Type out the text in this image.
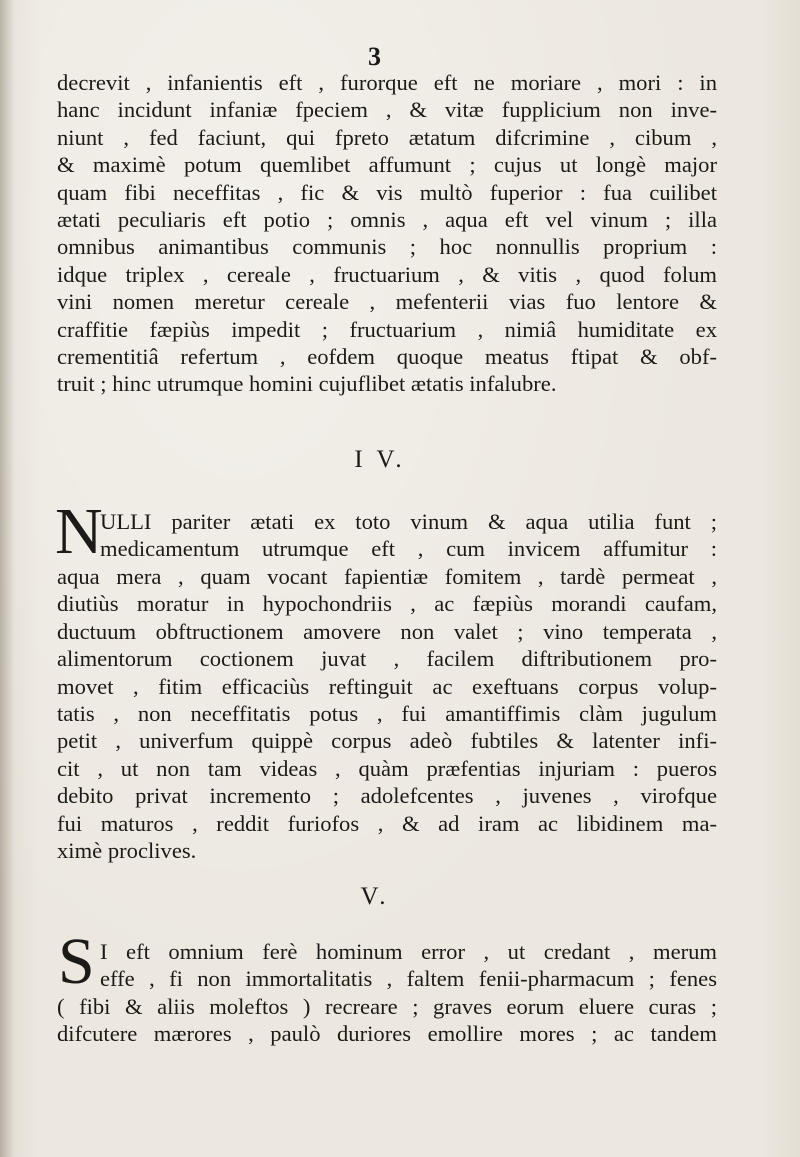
3
decrevit , infanientis eft , furorque eft ne moriare , mori : in
hanc incidunt infaniæ fpeciem , & vitæ fupplicium non inve-
niunt , fed faciunt, qui fpreto ætatum difcrimine , cibum ,
& maximè potum quemlibet affumunt ; cujus ut longè major
quam fibi neceffitas , fic & vis multò fuperior : fua cuilibet
ætati peculiaris eft potio ; omnis , aqua eft vel vinum ; illa
omnibus animantibus communis ; hoc nonnullis proprium :
idque triplex , cereale , fructuarium , & vitis , quod folum
vini nomen meretur cereale , mefenterii vias fuo lentore &
craffitie fæpiùs impedit ; fructuarium , nimiâ humiditate ex
crementitiâ refertum , eofdem quoque meatus ftipat & obf-
truit ; hinc utrumque homini cujuflibet ætatis infalubre.
I V.
N
ULLI pariter ætati ex toto vinum & aqua utilia funt ;
medicamentum utrumque eft , cum invicem affumitur :
aqua mera , quam vocant fapientiæ fomitem , tardè permeat ,
diutiùs moratur in hypochondriis , ac fæpiùs morandi caufam,
ductuum obftructionem amovere non valet ; vino temperata ,
alimentorum coctionem juvat , facilem diftributionem pro-
movet , fitim efficaciùs reftinguit ac exeftuans corpus volup-
tatis , non neceffitatis potus , fui amantiffimis clàm jugulum
petit , univerfum quippè corpus adeò fubtiles & latenter infi-
cit , ut non tam videas , quàm præfentias injuriam : pueros
debito privat incremento ; adolefcentes , juvenes , virofque
fui maturos , reddit furiofos , & ad iram ac libidinem ma-
ximè proclives.
V.
S I eft omnium ferè hominum error , ut credant , merum
effe , fi non immortalitatis , faltem fenii-pharmacum ; fenes
( fibi & aliis moleftos ) recreare ; graves eorum eluere curas ;
difcutere mærores , paulò duriores emollire mores ; ac tandem
